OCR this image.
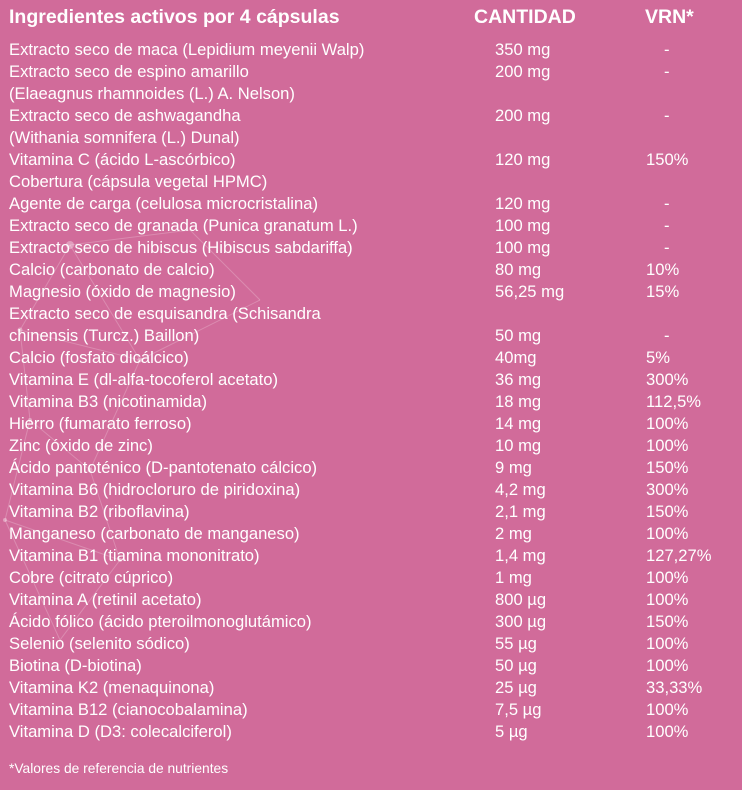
Ingredientes activos por 4 cápsulas	CANTIDAD	VRN*
Extracto seco de maca (Lepidium meyenii Walp)	350 mg	-
Extracto seco de espino amarillo
(Elaeagnus rhamnoides (L.) A. Nelson)
200 mg	-
Extracto seco de ashwagandha
(Withania somnifera (L.) Dunal)
200 mg	-
Vitamina C (ácido L-ascórbico)	120 mg	150%
Cobertura (cápsula vegetal HPMC)
Agente de carga (celulosa microcristalina)	120 mg	-
Extracto seco de granada (Punica granatum L.)	100 mg	-
Extracto seco de hibiscus (Hibiscus sabdariffa)	100 mg	-
Calcio (carbonato de calcio)	80 mg	10%
Magnesio (óxido de magnesio)	56,25 mg	15%
Extracto seco de esquisandra (Schisandra
chinensis (Turcz.) Baillon)	50 mg	-
Calcio (fosfato dicálcico)	40mg	5%
Vitamina E (dl-alfa-tocoferol acetato)	36 mg	300%
Vitamina B3 (nicotinamida)	18 mg	112,5%
Hierro (fumarato ferroso)	14 mg	100%
Zinc (óxido de zinc)	10 mg	100%
Ácido pantoténico (D-pantotenato cálcico)	9 mg	150%
Vitamina B6 (hidrocloruro de piridoxina)	4,2 mg	300%
Vitamina B2 (riboflavina)	2,1 mg	150%
Manganeso (carbonato de manganeso)	2 mg	100%
Vitamina B1 (tiamina mononitrato)	1,4 mg	127,27%
Cobre (citrato cúprico)	1 mg	100%
Vitamina A (retinil acetato)	800 µg	100%
Ácido fólico (ácido pteroilmonoglutámico)	300 µg	150%
Selenio (selenito sódico)	55 µg	100%
Biotina (D-biotina)	50 µg	100%
Vitamina K2 (menaquinona)	25 µg	33,33%
Vitamina B12 (cianocobalamina)	7,5 µg	100%
Vitamina D (D3: colecalciferol)	5 µg	100%
*Valores de referencia de nutrientes
